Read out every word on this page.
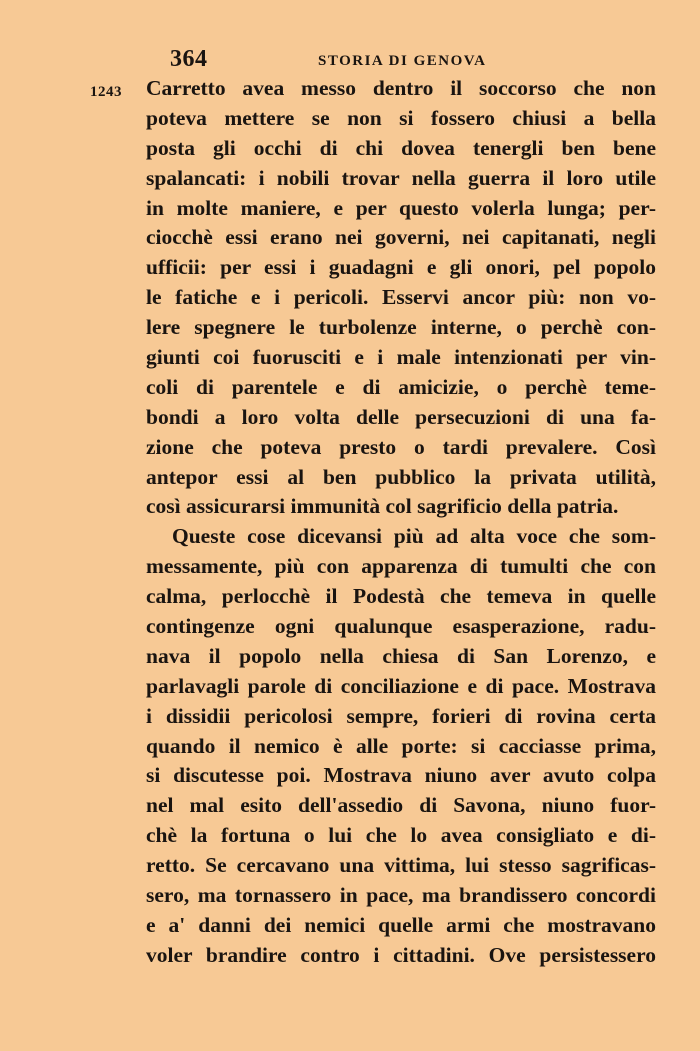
364	STORIA DI GENOVA
1243 Carretto avea messo dentro il soccorso che non
poteva mettere se non si fossero chiusi a bella
posta gli occhi di chi dovea tenergli ben bene
spalancati: i nobili trovar nella guerra il loro utile
in molte maniere, e per questo volerla lunga; per-
ciocchè essi erano nei governi, nei capitanati, negli
ufficii: per essi i guadagni e gli onori, pel popolo
le fatiche e i pericoli. Esservi ancor più: non vo-
lere spegnere le turbolenze interne, o perchè con-
giunti coi fuorusciti e i male intenzionati per vin-
coli di parentele e di amicizie, o perchè teme-
bondi a loro volta delle persecuzioni di una fa-
zione che poteva presto o tardi prevalere. Così
antepor essi al ben pubblico la privata utilità,
così assicurarsi immunità col sagrificio della patria.
Queste cose dicevansi più ad alta voce che som-
messamente, più con apparenza di tumulti che con
calma, perlocchè il Podestà che temeva in quelle
contingenze ogni qualunque esasperazione, radu-
nava il popolo nella chiesa di San Lorenzo, e
parlavagli parole di conciliazione e di pace. Mostrava
i dissidii pericolosi sempre, forieri di rovina certa
quando il nemico è alle porte: si cacciasse prima,
si discutesse poi. Mostrava niuno aver avuto colpa
nel mal esito dell'assedio di Savona, niuno fuor-
chè la fortuna o lui che lo avea consigliato e di-
retto. Se cercavano una vittima, lui stesso sagrificas-
sero, ma tornassero in pace, ma brandissero concordi
e a' danni dei nemici quelle armi che mostravano
voler brandire contro i cittadini. Ove persistessero
